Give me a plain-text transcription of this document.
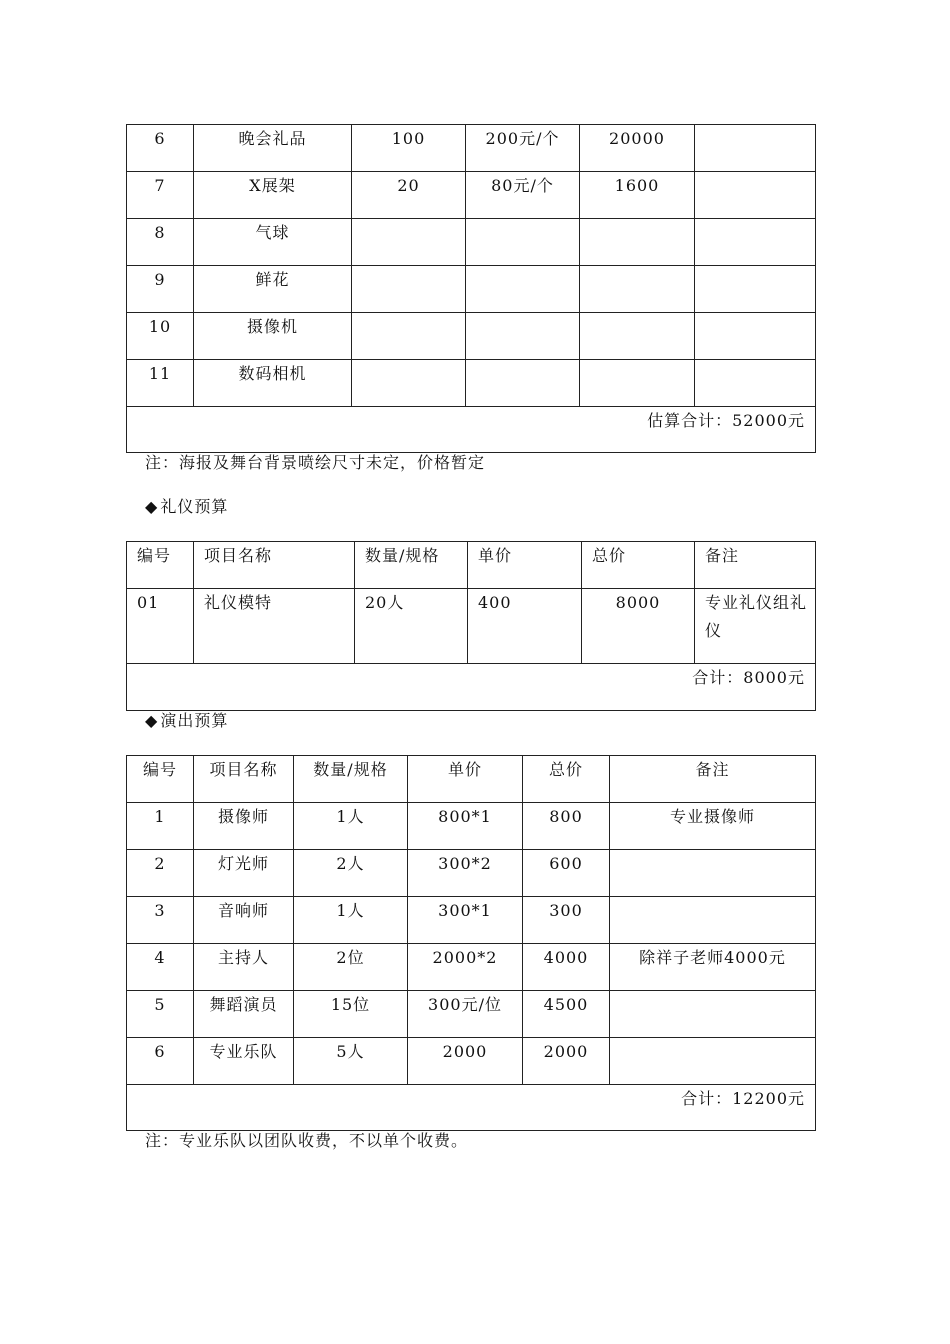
6	晚会礼品	100	200元/个	20000	
7	X展架	20	80元/个	1600	
8	气球				
9	鲜花				
10	摄像机				
11	数码相机				
估算合计：52000元					
注：海报及舞台背景喷绘尺寸未定，价格暂定
◆ 礼仪预算
编号	项目名称	数量/规格	单价	总价	备注
01	礼仪模特	20人	400	8000	专业礼仪组礼仪
合计：8000元					
◆ 演出预算
编号	项目名称	数量/规格	单价	总价	备注
1	摄像师	1人	800*1	800	专业摄像师
2	灯光师	2人	300*2	600	
3	音响师	1人	300*1	300	
4	主持人	2位	2000*2	4000	除祥子老师4000元
5	舞蹈演员	15位	300元/位	4500	
6	专业乐队	5人	2000	2000	
合计：12200元					
注：专业乐队以团队收费，不以单个收费。
